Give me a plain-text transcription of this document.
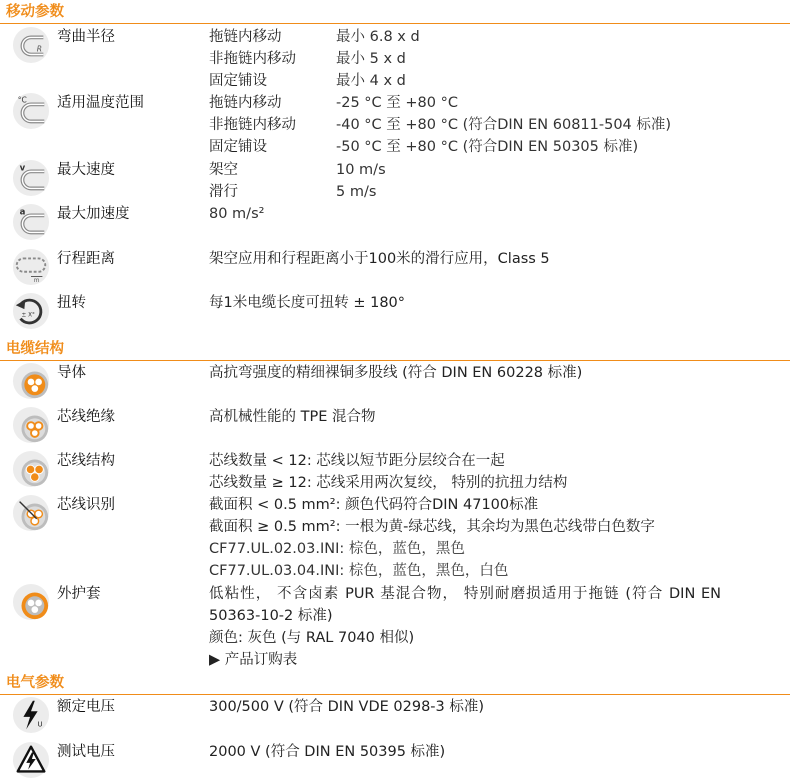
移动参数
R
弯曲半径	拖链内移动	最小 6.8 x d
非拖链内移动	最小 5 x d
固定铺设	最小 4 x d
°C 适用温度范围	拖链内移动	-25 °C 至 +80 °C
非拖链内移动	-40 °C 至 +80 °C (符合DIN EN 60811-504 标准)
固定铺设	-50 °C 至 +80 °C (符合DIN EN 50305 标准)
v 最大速度	架空	10 m/s
滑行	5 m/s
a 最大加速度	80 m/s²
m
行程距离	架空应用和行程距离小于100米的滑行应用，Class 5
± X°
扭转	每1米电缆长度可扭转 ± 180°
电缆结构
导体	高抗弯强度的精细裸铜多股线 (符合 DIN EN 60228 标准)
芯线绝缘	高机械性能的 TPE 混合物
芯线结构	芯线数量 < 12: 芯线以短节距分层绞合在一起
芯线数量 ≥ 12: 芯线采用两次复绞， 特别的抗扭力结构
芯线识别	截面积 < 0.5 mm²: 颜色代码符合DIN 47100标准
截面积 ≥ 0.5 mm²: 一根为黄-绿芯线，其余均为黑色芯线带白色数字
CF77.UL.02.03.INI: 棕色，蓝色，黑色
CF77.UL.03.04.INI: 棕色，蓝色，黑色，白色
外护套	低粘性， 不含卤素 PUR 基混合物， 特别耐磨损适用于拖链 (符合 DIN EN
50363-10-2 标准)
颜色: 灰色 (与 RAL 7040 相似)
▶ 产品订购表
电气参数
U
额定电压	300/500 V (符合 DIN VDE 0298-3 标准)
测试电压	2000 V (符合 DIN EN 50395 标准)
